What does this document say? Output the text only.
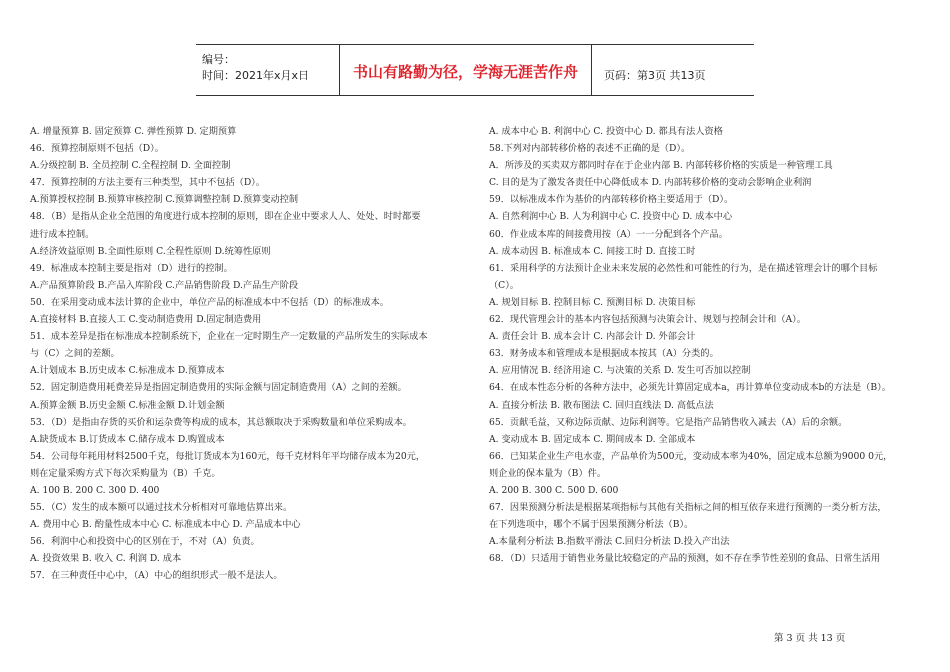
编号：
时间：2021年x月x日	书山有路勤为径，学海无涯苦作舟	页码：第3页 共13页
A. 增量预算 B. 固定预算 C. 弹性预算 D. 定期预算
46．预算控制原则不包括（D）。
A.分级控制 B. 全员控制 C.全程控制 D. 全面控制
47．预算控制的方法主要有三种类型，其中不包括（D）。
A.预算授权控制 B.预算审核控制 C.预算调整控制 D.预算变动控制
48．（B）是指从企业全范围的角度进行成本控制的原则，即在企业中要求人人、处处、时时都要
进行成本控制。
A.经济效益原则 B.全面性原则 C.全程性原则 D.统筹性原则
49．标准成本控制主要是指对（D）进行的控制。
A.产品预算阶段 B.产品入库阶段 C.产品销售阶段 D.产品生产阶段
50．在采用变动成本法计算的企业中，单位产品的标准成本中不包括（D）的标准成本。
A.直接材料 B.直接人工 C.变动制造费用 D.固定制造费用
51．成本差异是指在标准成本控制系统下，企业在一定时期生产一定数量的产品所发生的实际成本
与（C）之间的差额。
A.计划成本 B.历史成本 C.标准成本 D.预算成本
52．固定制造费用耗费差异是指固定制造费用的实际金额与固定制造费用（A）之间的差额。
A.预算金额 B.历史金额 C.标准金额 D.计划金额
53．（D）是指由存货的买价和运杂费等构成的成本，其总额取决于采购数量和单位采购成本。
A.缺货成本 B.订货成本 C.储存成本 D.购置成本
54．公司每年耗用材料2500千克，每批订货成本为160元，每千克材料年平均储存成本为20元，
则在定量采购方式下每次采购量为（B）千克。
A. 100 B. 200 C. 300 D. 400
55．（C）发生的成本额可以通过技术分析相对可靠地估算出来。
A. 费用中心 B. 酌量性成本中心 C. 标准成本中心 D. 产品成本中心
56．利润中心和投资中心的区别在于，不对（A）负责。
A. 投资效果 B. 收入 C. 利润 D. 成本
57．在三种责任中心中，（A）中心的组织形式一般不是法人。
A. 成本中心 B. 利润中心 C. 投资中心 D. 都具有法人资格
58.下列对内部转移价格的表述不正确的是（D）。
A．所涉及的买卖双方都同时存在于企业内部 B. 内部转移价格的实质是一种管理工具
C. 目的是为了激发各责任中心降低成本 D. 内部转移价格的变动会影响企业利润
59．以标准成本作为基价的内部转移价格主要适用于（D）。
A. 自然利润中心 B. 人为利润中心 C. 投资中心 D. 成本中心
60．作业成本库的间接费用按（A）一一分配到各个产品。
A. 成本动因 B. 标准成本 C. 间接工时 D. 直接工时
61．采用科学的方法预计企业未来发展的必然性和可能性的行为，是在描述管理会计的哪个目标
（C）。
A. 规划目标 B. 控制目标 C. 预测目标 D. 决策目标
62．现代管理会计的基本内容包括预测与决策会计、规划与控制会计和（A）。
A. 责任会计 B. 成本会计 C. 内部会计 D. 外部会计
63．财务成本和管理成本是根据成本按其（A）分类的。
A. 应用情况 B. 经济用途 C. 与决策的关系 D. 发生可否加以控制
64．在成本性态分析的各种方法中，必须先计算固定成本a，再计算单位变动成本b的方法是（B）。
A. 直接分析法 B. 散布图法 C. 回归直线法 D. 高低点法
65．贡献毛益，又称边际贡献、边际利润等。它是指产品销售收入减去（A）后的余额。
A. 变动成本 B. 固定成本 C. 期间成本 D. 全部成本
66．已知某企业生产电水壶，产品单价为500元，变动成本率为40%，固定成本总额为9000 0元，
则企业的保本量为（B）件。
A. 200 B. 300 C. 500 D. 600
67．因果预测分析法是根据某项指标与其他有关指标之间的相互依存来进行预测的一类分析方法，
在下列选项中，哪个不属于因果预测分析法（B）。
A.本量利分析法 B.指数平滑法 C.回归分析法 D.投入产出法
68．（D）只适用于销售业务量比较稳定的产品的预测，如不存在季节性差别的食品、日常生活用
第 3 页 共 13 页
